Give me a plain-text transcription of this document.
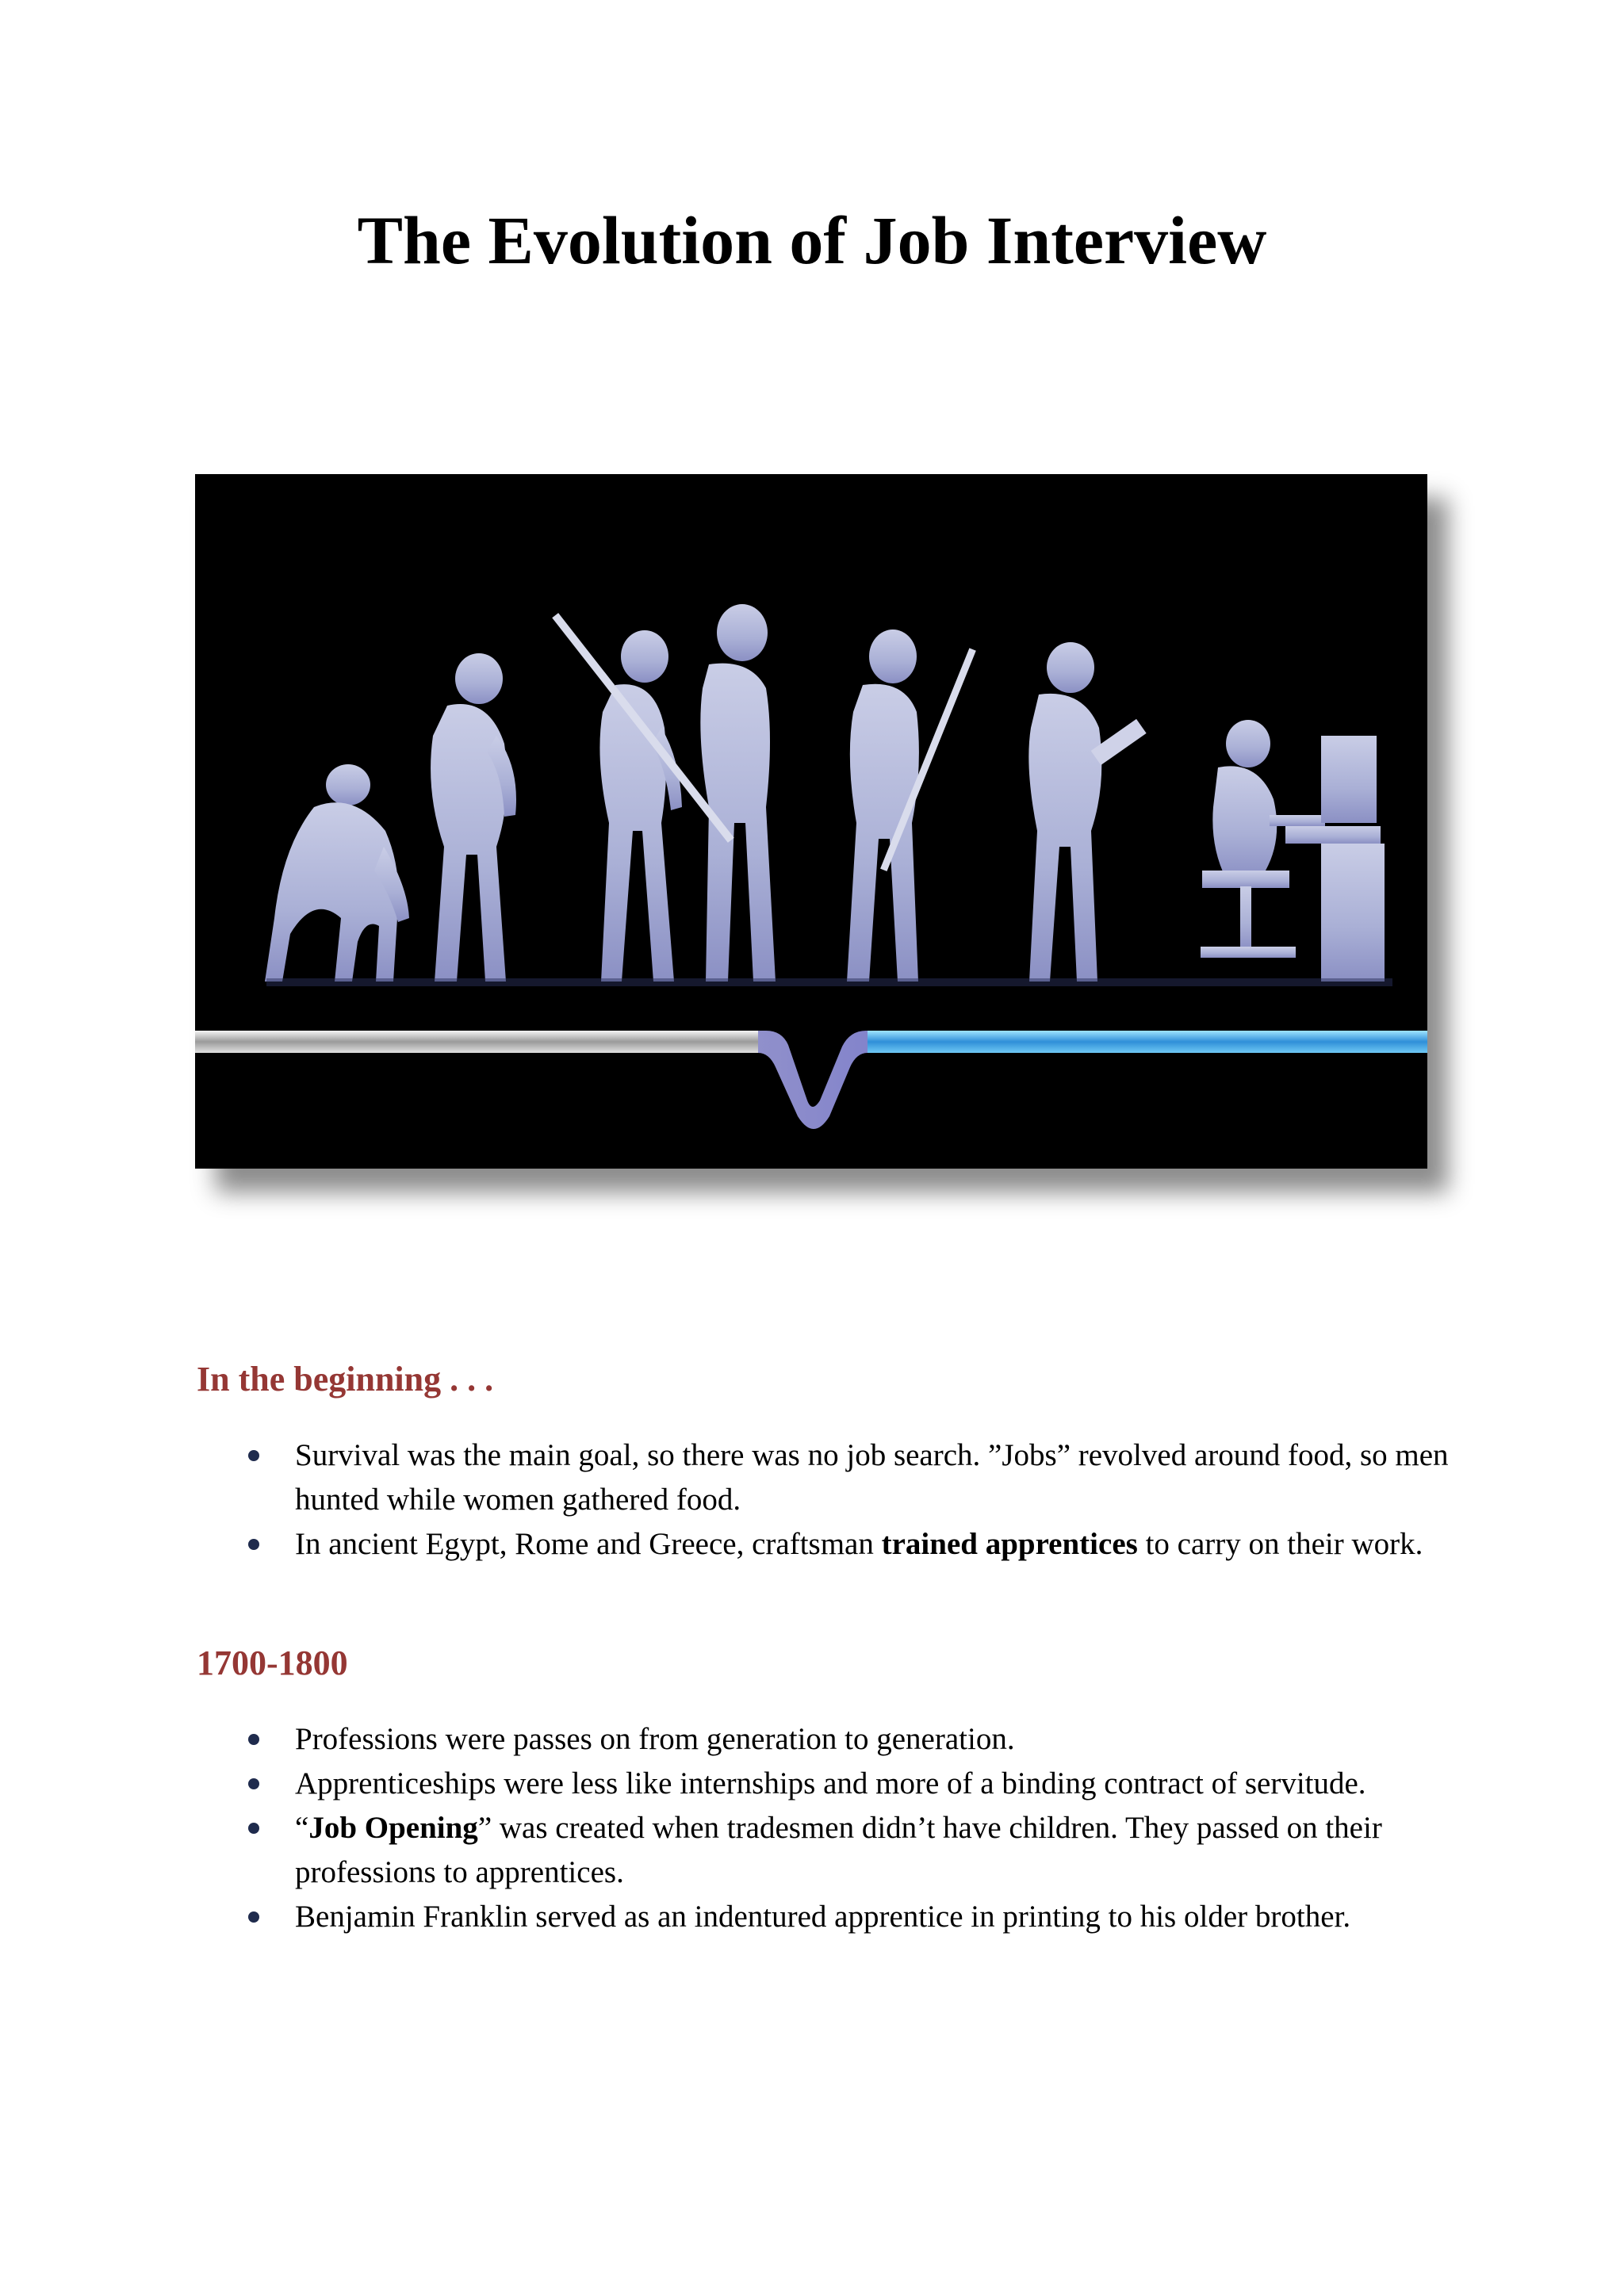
The Evolution of Job Interview
In the beginning . . .
Survival was the main goal, so there was no job search. ”Jobs” revolved around food, so men hunted while women gathered food.
In ancient Egypt, Rome and Greece, craftsman trained apprentices to carry on their work.
1700-1800
Professions were passes on from generation to generation.
Apprenticeships were less like internships and more of a binding contract of servitude.
“Job Opening” was created when tradesmen didn’t have children. They passed on their professions to apprentices.
Benjamin Franklin served as an indentured apprentice in printing to his older brother.
